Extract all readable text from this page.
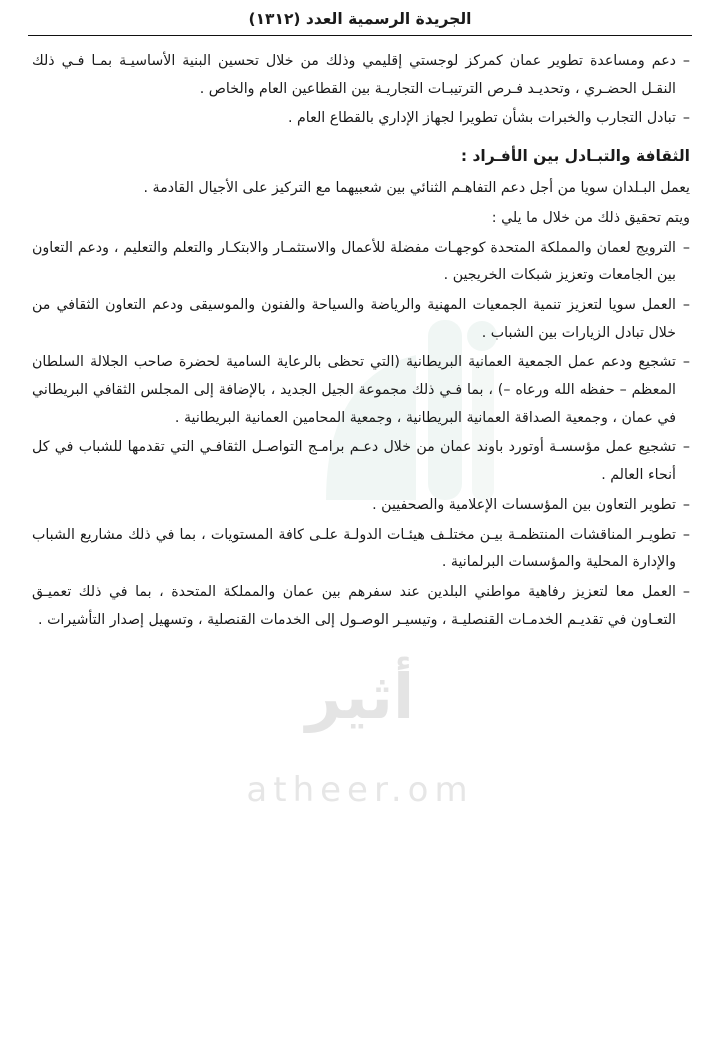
أثير
atheer.om
الجريدة الرسمية العدد (١٣١٢)
–
دعم ومساعدة تطوير عمان كمركز لوجستي إقليمي وذلك من خلال تحسين البنية الأساسيـة بمـا فـي ذلك النقـل الحضـري ، وتحديـد فـرص الترتيبـات التجاريـة بين القطاعين العام والخاص .
–
تبادل التجارب والخبرات بشأن تطويرا لجهاز الإداري بالقطاع العام .
الثقافة والتبـادل بين الأفـراد :
يعمل البـلدان سويا من أجل دعم التفاهـم الثنائي بين شعبيهما مع التركيز على الأجيال القادمة .
ويتم تحقيق ذلك من خلال ما يلي :
–
الترويج لعمان والمملكة المتحدة كوجهـات مفضلة للأعمال والاستثمـار والابتكـار والتعلم والتعليم ، ودعم التعاون بين الجامعات وتعزيز شبكات الخريجين .
–
العمل سويا لتعزيز تنمية الجمعيات المهنية والرياضة والسياحة والفنون والموسيقى ودعم التعاون الثقافي من خلال تبادل الزيارات بين الشباب .
–
تشجيع ودعم عمل الجمعية العمانية البريطانية (التي تحظى بالرعاية السامية لحضرة صاحب الجلالة السلطان المعظم – حفظه الله ورعاه –) ، بما فـي ذلك مجموعة الجيل الجديد ، بالإضافة إلى المجلس الثقافي البريطاني في عمان ، وجمعية الصداقة العمانية البريطانية ، وجمعية المحامين العمانية البريطانية .
–
تشجيع عمل مؤسسـة أوتورد باوند عمان من خلال دعـم برامـج التواصـل الثقافـي التي تقدمها للشباب في كل أنحاء العالم .
–
تطوير التعاون بين المؤسسات الإعلامية والصحفيين .
–
تطويـر المناقشات المنتظمـة بيـن مختلـف هيئـات الدولـة علـى كافة المستويات ، بما في ذلك مشاريع الشباب والإدارة المحلية والمؤسسات البرلمانية .
–
العمل معا لتعزيز رفاهية مواطني البلدين عند سفرهم بين عمان والمملكة المتحدة ، بما في ذلك تعميـق التعـاون في تقديـم الخدمـات القنصليـة ، وتيسيـر الوصـول إلى الخدمات القنصلية ، وتسهيل إصدار التأشيرات .
